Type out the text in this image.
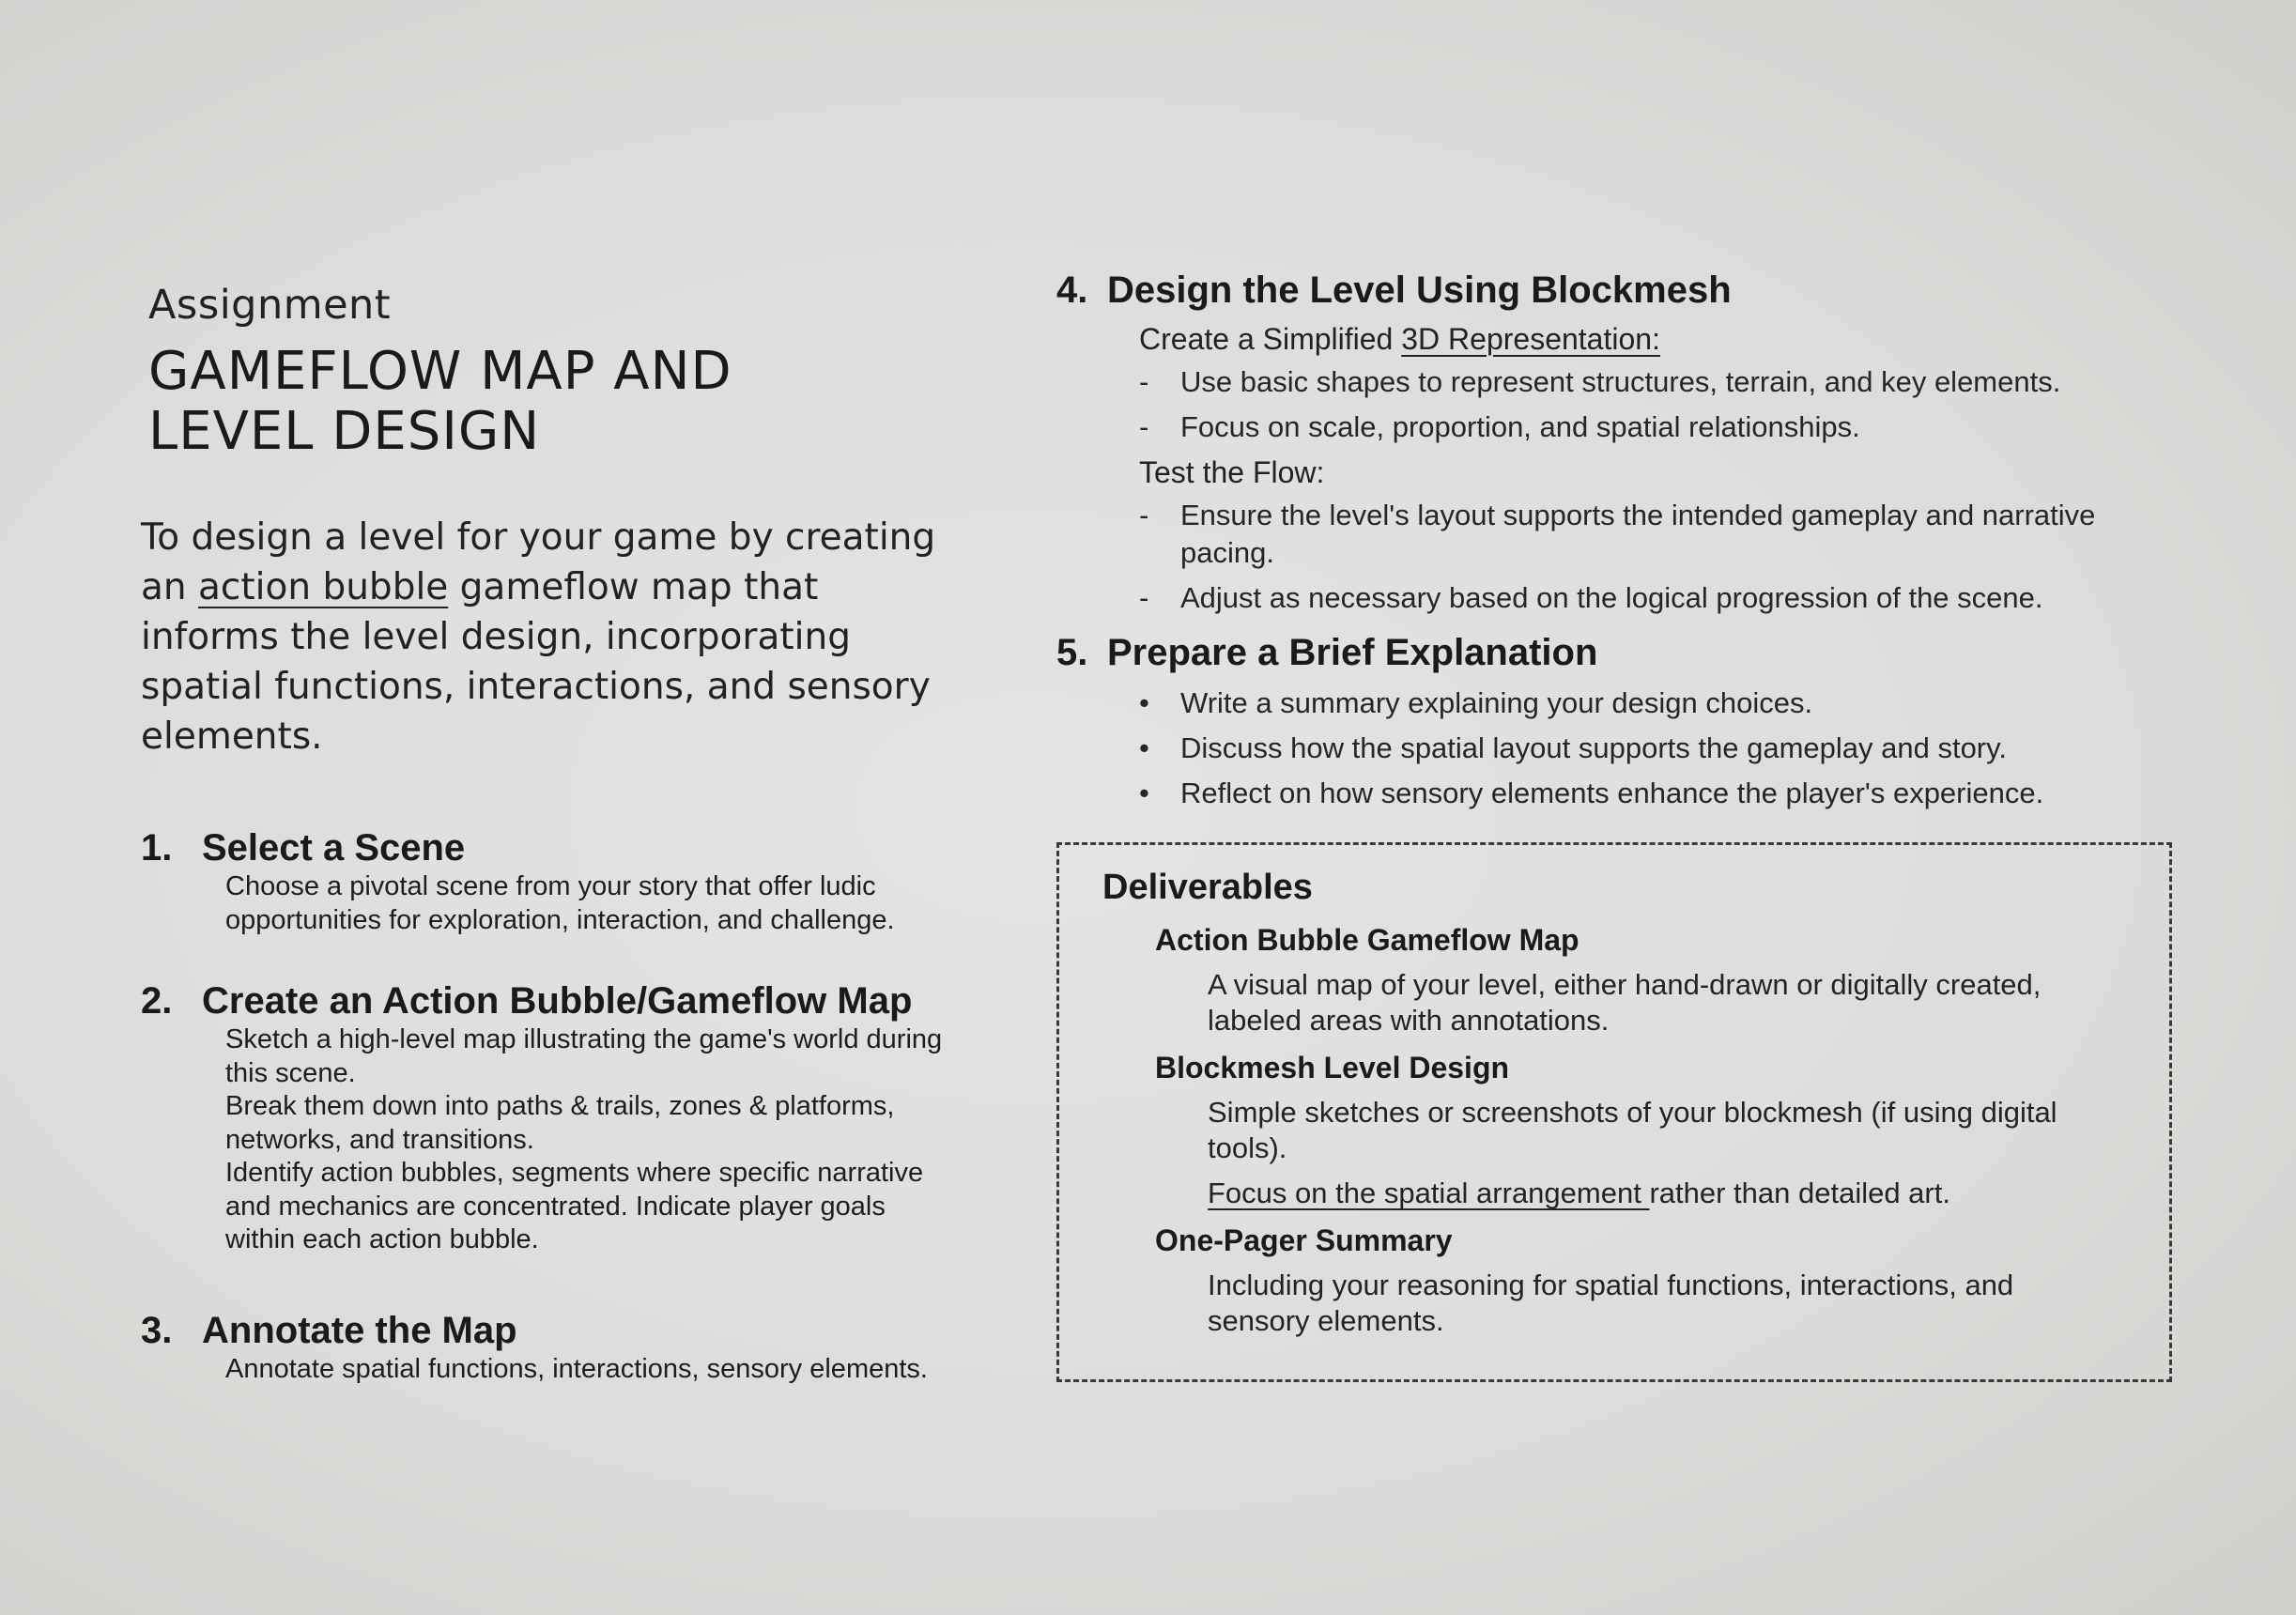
Assignment
GAMEFLOW MAP AND
LEVEL DESIGN
To design a level for your game by creating an action bubble gameflow map that informs the level design, incorporating spatial functions, interactions, and sensory elements.
1. Select a Scene

Choose a pivotal scene from your story that offer ludic opportunities for exploration, interaction, and challenge.

2. Create an Action Bubble/Gameflow Map

Sketch a high-level map illustrating the game's world during this scene.

Break them down into paths & trails, zones & platforms, networks, and transitions.

Identify action bubbles, segments where specific narrative and mechanics are concentrated. Indicate player goals within each action bubble.

3. Annotate the Map

Annotate spatial functions, interactions, sensory elements.

4. Design the Level Using Blockmesh
Create a Simplified 3D Representation:
-	Use basic shapes to represent structures, terrain, and key elements.
-	Focus on scale, proportion, and spatial relationships.
Test the Flow:
-	Ensure the level's layout supports the intended gameplay and narrative pacing.
-	Adjust as necessary based on the logical progression of the scene.
5. Prepare a Brief Explanation
•	Write a summary explaining your design choices.
•	Discuss how the spatial layout supports the gameplay and story.
•	Reflect on how sensory elements enhance the player's experience.
Deliverables
Action Bubble Gameflow Map

A visual map of your level, either hand-drawn or digitally created, labeled areas with annotations.

Blockmesh Level Design

Simple sketches or screenshots of your blockmesh (if using digital tools).

Focus on the spatial arrangement rather than detailed art.

One-Pager Summary

Including your reasoning for spatial functions, interactions, and sensory elements.
